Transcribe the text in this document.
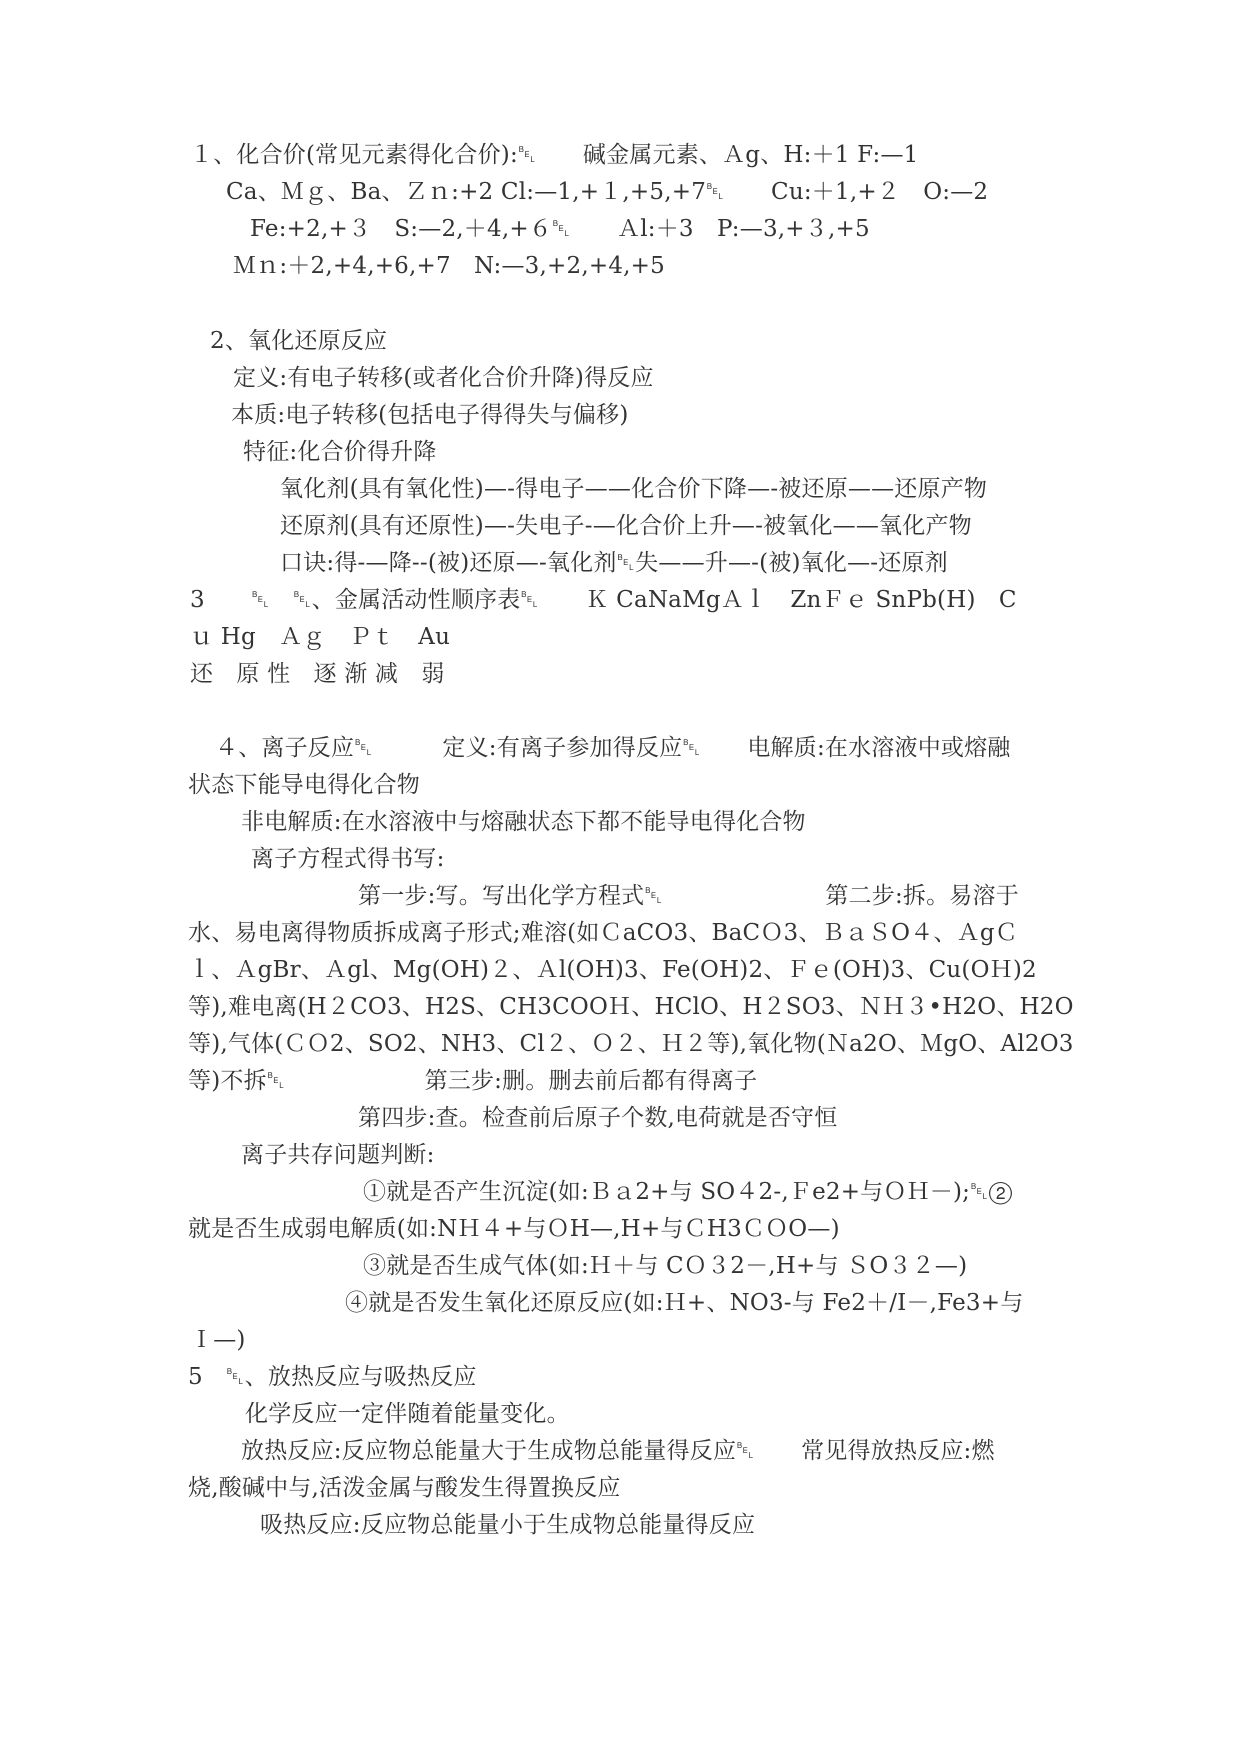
１、化合价(常见元素得化合价):␇　　碱金属元素、Ａg、H:＋1 F:—1
Ca、Ｍｇ、Ba、Ｚｎ:+2 Cl:—1,+１,+5,+7␇　　Cu:＋1,+２　O:—2
Fe:+2,+３　S:—2,＋4,+６␇　　Ａl:＋3　P:—3,+３,+5
Ｍｎ:＋2,+4,+6,+7　N:—3,+2,+4,+5
2、氧化还原反应
定义:有电子转移(或者化合价升降)得反应
本质:电子转移(包括电子得得失与偏移)
特征:化合价得升降
氧化剂(具有氧化性)—-得电子——化合价下降—-被还原——还原产物
还原剂(具有还原性)—-失电子-—化合价上升—-被氧化——氧化产物
口诀:得-—降--(被)还原—-氧化剂␇失——升—-(被)氧化—-还原剂
3　　␇　␇、金属活动性顺序表␇　　Ｋ CaNaMgＡｌ　ZnＦｅ SnPb(H)　C
ｕ Hg　Ａｇ　Ｐｔ　Au
还　原 性　逐 渐 减　弱
４、离子反应␇　　　定义:有离子参加得反应␇　　电解质:在水溶液中或熔融
状态下能导电得化合物
非电解质:在水溶液中与熔融状态下都不能导电得化合物
离子方程式得书写:
第一步:写。写出化学方程式␇　　　　　　　第二步:拆。易溶于
水、易电离得物质拆成离子形式;难溶(如ＣaCO3、BaCＯ3、ＢａＳO４、ＡgＣ
ｌ、ＡgBr、Ａgl、Mg(OH)２、Ａl(OH)3、Fe(OH)2、Ｆｅ(OH)3、Cu(OＨ)2
等),难电离(H２CO3、H2S、CH3COOＨ、HClO、H２SO3、ＮＨ３•H2O、H2O
等),气体(ＣＯ2、SO2、NH3、Cl２、Ｏ２、Ｈ２等),氧化物(Ｎa2O、ＭgO、Al2O3
等)不拆␇　　　　　　第三步:删。删去前后都有得离子
第四步:查。检查前后原子个数,电荷就是否守恒
离子共存问题判断:
①就是否产生沉淀(如:Ｂａ2+与 SO４2-,Ｆe2+与ＯＨ－);␇②
就是否生成弱电解质(如:NＨ４+与ＯH—,H+与ＣH3ＣＯO—)
③就是否生成气体(如:Ｈ＋与 CＯ３2－,H+与 ＳO３２—)
④就是否发生氧化还原反应(如:Ｈ+、NO3-与 Fe2＋/I－,Fe3+与
Ｉ—)
5　␇、放热反应与吸热反应
化学反应一定伴随着能量变化。
放热反应:反应物总能量大于生成物总能量得反应␇　　常见得放热反应:燃
烧,酸碱中与,活泼金属与酸发生得置换反应
吸热反应:反应物总能量小于生成物总能量得反应
